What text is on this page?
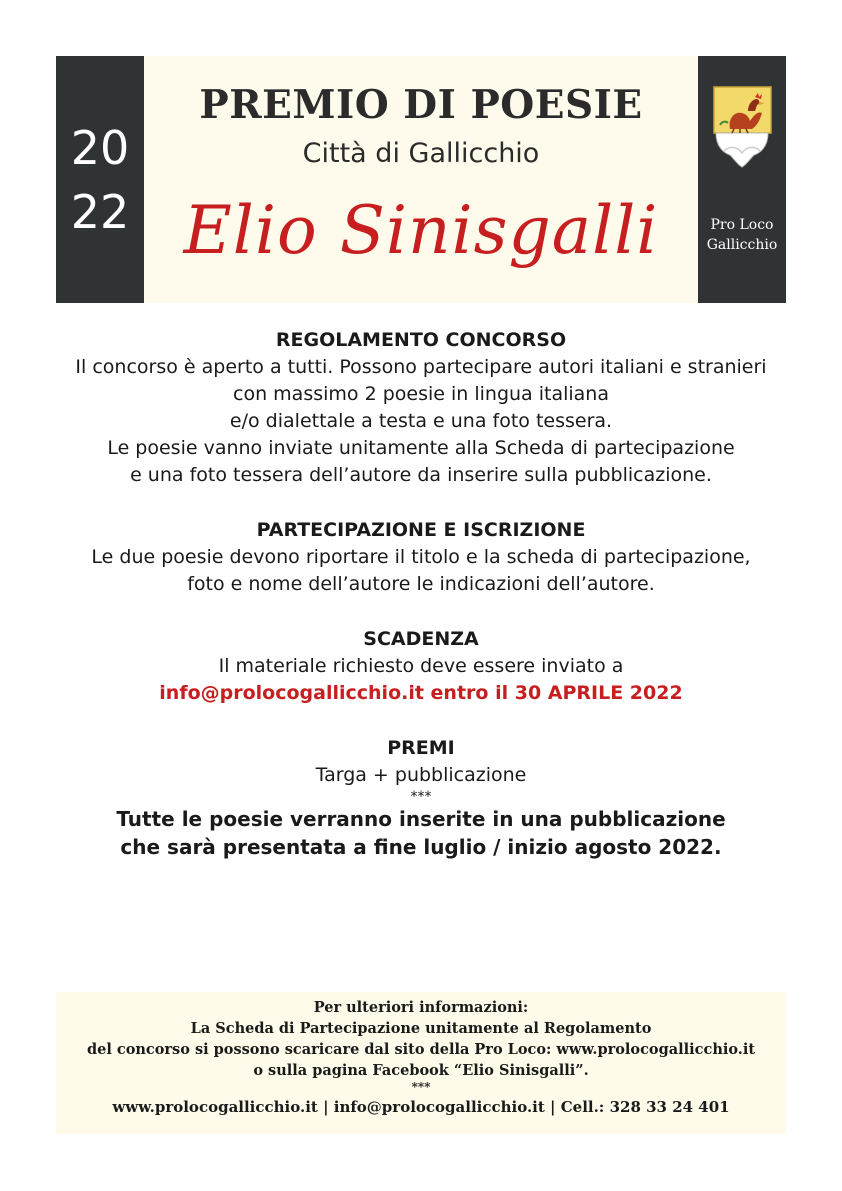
20
22
PREMIO DI POESIE
Città di Gallicchio
Elio Sinisgalli	Pro Loco
Gallicchio
REGOLAMENTO CONCORSO

Il concorso è aperto a tutti. Possono partecipare autori italiani e stranieri

con massimo 2 poesie in lingua italiana

e/o dialettale a testa e una foto tessera.

Le poesie vanno inviate unitamente alla Scheda di partecipazione

e una foto tessera dell’autore da inserire sulla pubblicazione.

PARTECIPAZIONE E ISCRIZIONE

Le due poesie devono riportare il titolo e la scheda di partecipazione,

foto e nome dell’autore le indicazioni dell’autore.

SCADENZA

Il materiale richiesto deve essere inviato a

info@prolocogallicchio.it entro il 30 APRILE 2022

PREMI

Targa + pubblicazione

***

Tutte le poesie verranno inserite in una pubblicazione

che sarà presentata a fine luglio / inizio agosto 2022.

Per ulteriori informazioni:
La Scheda di Partecipazione unitamente al Regolamento
del concorso si possono scaricare dal sito della Pro Loco: www.prolocogallicchio.it
o sulla pagina Facebook “Elio Sinisgalli”.
***
www.prolocogallicchio.it | info@prolocogallicchio.it | Cell.: 328 33 24 401
